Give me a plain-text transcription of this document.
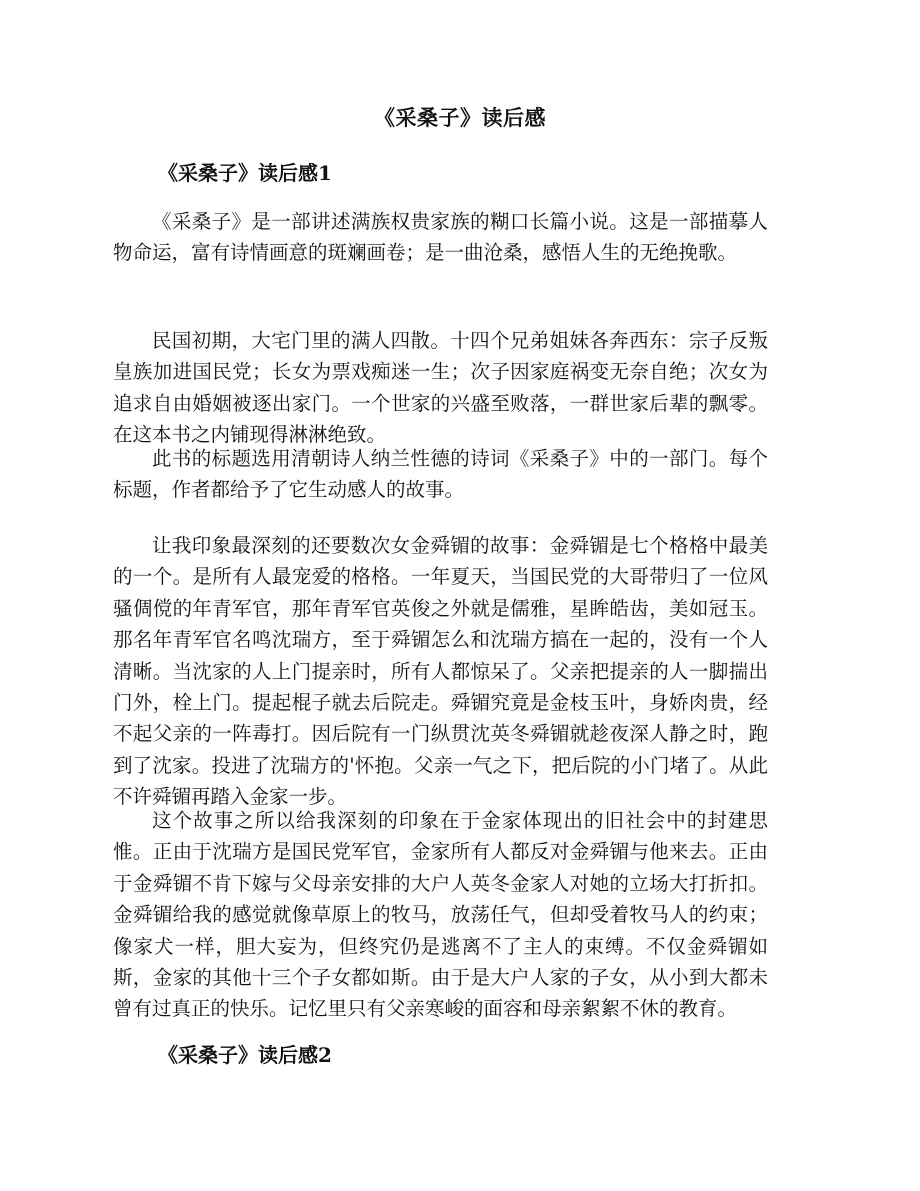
《采桑子》读后感
《采桑子》读后感1

《采桑子》是一部讲述满族权贵家族的糊口长篇小说。这是一部描摹人物命运，富有诗情画意的斑斓画卷；是一曲沧桑，感悟人生的无绝挽歌。

民国初期，大宅门里的满人四散。十四个兄弟姐妹各奔西东：宗子反叛皇族加进国民党；长女为票戏痴迷一生；次子因家庭祸变无奈自绝；次女为追求自由婚姻被逐出家门。一个世家的兴盛至败落，一群世家后辈的飘零。在这本书之内铺现得淋淋绝致。

此书的标题选用清朝诗人纳兰性德的诗词《采桑子》中的一部门。每个标题，作者都给予了它生动感人的故事。

让我印象最深刻的还要数次女金舜镅的故事：金舜镅是七个格格中最美的一个。是所有人最宠爱的格格。一年夏天，当国民党的大哥带归了一位风骚倜傥的年青军官，那年青军官英俊之外就是儒雅，星眸皓齿，美如冠玉。那名年青军官名鸣沈瑞方，至于舜镅怎么和沈瑞方搞在一起的，没有一个人清晰。当沈家的人上门提亲时，所有人都惊呆了。父亲把提亲的人一脚揣出门外，栓上门。提起棍子就去后院走。舜镅究竟是金枝玉叶，身娇肉贵，经不起父亲的一阵毒打。因后院有一门纵贯沈英冬舜镅就趁夜深人静之时，跑到了沈家。投进了沈瑞方的'怀抱。父亲一气之下，把后院的小门堵了。从此不许舜镅再踏入金家一步。

这个故事之所以给我深刻的印象在于金家体现出的旧社会中的封建思惟。正由于沈瑞方是国民党军官，金家所有人都反对金舜镅与他来去。正由于金舜镅不肯下嫁与父母亲安排的大户人英冬金家人对她的立场大打折扣。金舜镅给我的感觉就像草原上的牧马，放荡任气，但却受着牧马人的约束；像家犬一样，胆大妄为，但终究仍是逃离不了主人的束缚。不仅金舜镅如斯，金家的其他十三个子女都如斯。由于是大户人家的子女，从小到大都未曾有过真正的快乐。记忆里只有父亲寒峻的面容和母亲絮絮不休的教育。

《采桑子》读后感2
